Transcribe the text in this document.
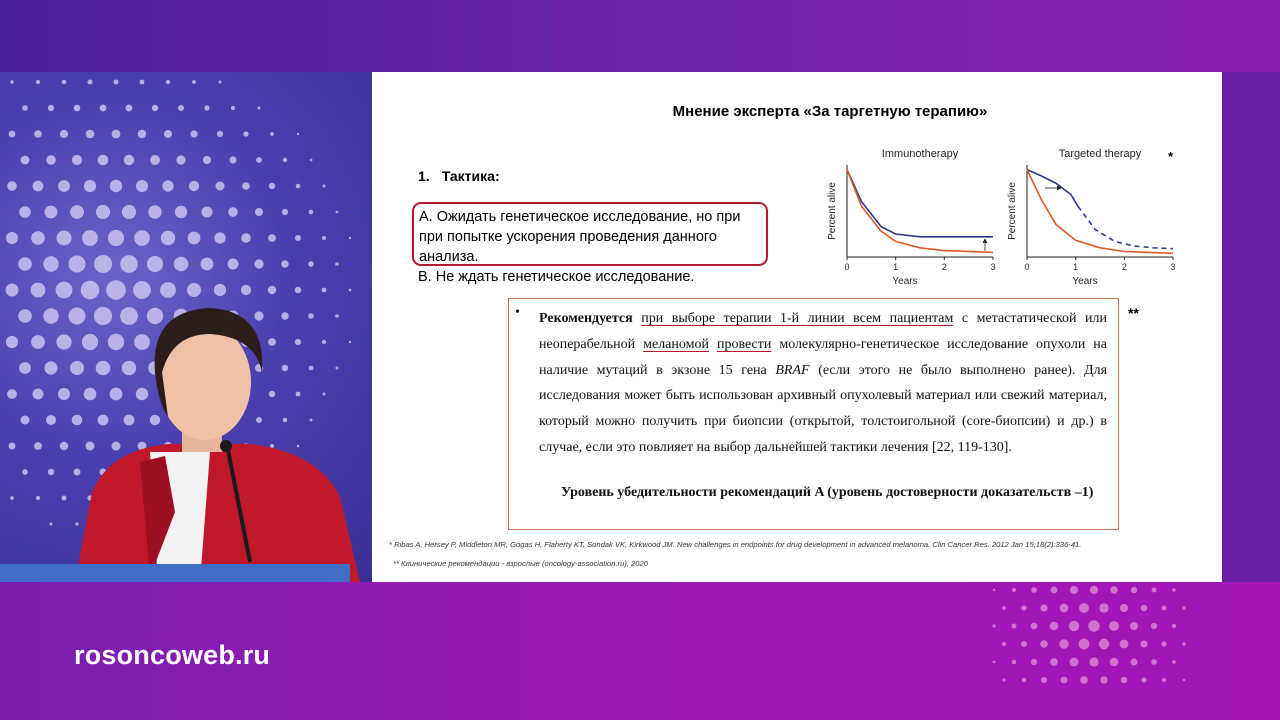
rosoncoweb.ru
Мнение эксперта «За таргетную терапию»
1. Тактика:
А. Ожидать генетическое исследование, но при
при попытке ускорения проведения данного
анализа.
В. Не ждать генетическое исследование.
Immunotherapy
0	1	2	3
Years
Percent alive
Targeted therapy
0	1	2	3
Years
Percent alive
*
• Рекомендуется при выборе терапии 1-й линии всем пациентам с метастатической или неоперабельной меланомой провести молекулярно-генетическое исследование опухоли на наличие мутаций в экзоне 15 гена BRAF (если этого не было выполнено ранее). Для исследования может быть использован архивный опухолевый материал или свежий материал, который можно получить при биопсии (открытой, толстоигольной (core-биопсии) и др.) в случае, если это повлияет на выбор дальнейшей тактики лечения [22, 119-130].
Уровень убедительности рекомендаций A (уровень достоверности доказательств –1)
**
* Ribas A, Hersey P, Middleton MR, Gogas H, Flaherty KT, Sondak VK, Kirkwood JM. New challenges in endpoints for drug development in advanced melanoma. Clin Cancer Res. 2012 Jan 15;18(2):336-41.
** Клинические рекомендации - взрослые (oncology-association.ru), 2020
